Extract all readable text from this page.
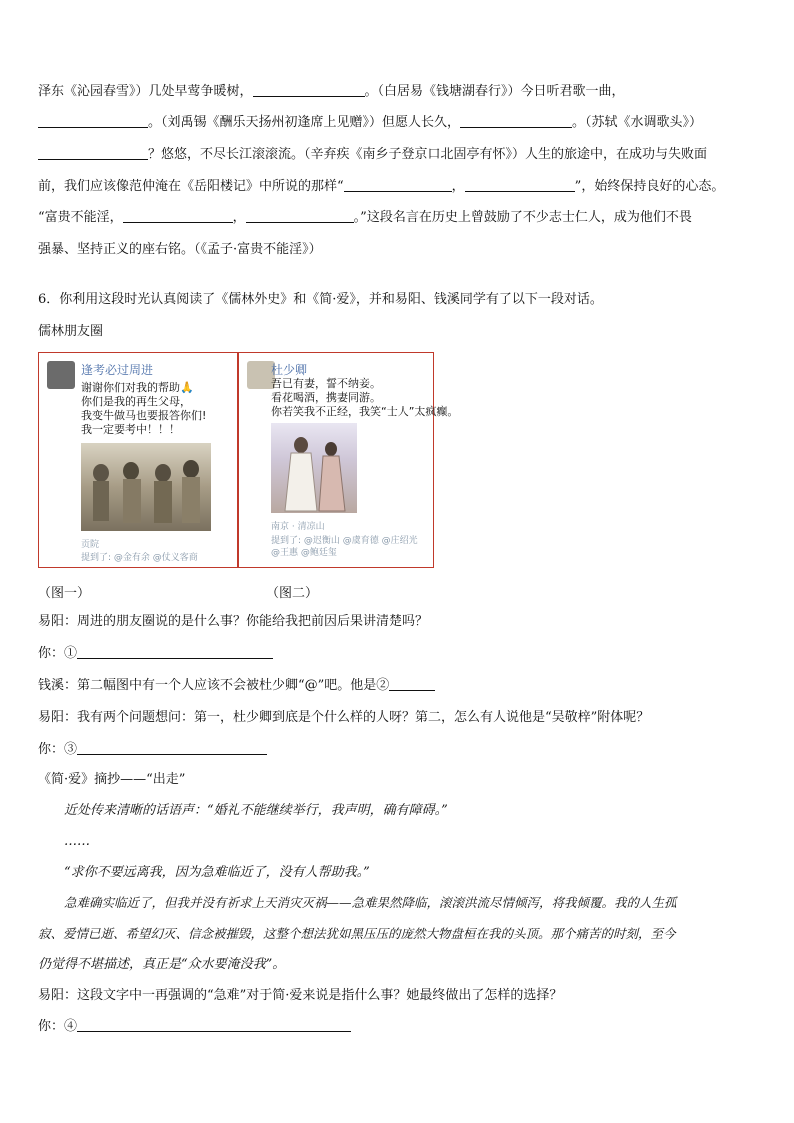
泽东《沁园春雪》）几处早莺争暖树，	。（白居易《钱塘湖春行》）今日听君歌一曲，
。（刘禹锡《酬乐天扬州初逢席上见赠》）但愿人长久，	。（苏轼《水调歌头》）
？悠悠，不尽长江滚滚流。（辛弃疾《南乡子登京口北固亭有怀》）人生的旅途中，在成功与失败面
前，我们应该像范仲淹在《岳阳楼记》中所说的那样“	，	”，始终保持良好的心态。
“富贵不能淫，	，	。”这段名言在历史上曾鼓励了不少志士仁人，成为他们不畏
强暴、坚持正义的座右铭。（《孟子·富贵不能淫》）
6．你利用这段时光认真阅读了《儒林外史》和《简·爱》，并和易阳、钱溪同学有了以下一段对话。
儒林朋友圈
逢考必过周进
谢谢你们对我的帮助🙏
你们是我的再生父母，
我变牛做马也要报答你们!
我一定要考中！！！
贡院
提到了: @金有余 @仗义客商
杜少卿
吾已有妻，誓不纳妾。
看花喝酒，携妻同游。
你若笑我不正经，我笑“士人”太疯癫。
南京 · 清凉山
提到了: @迟衡山 @虞育德 @庄绍光
@王惠 @鲍廷玺
（图一）	（图二）
易阳：周进的朋友圈说的是什么事？你能给我把前因后果讲清楚吗？
你：①
钱溪：第二幅图中有一个人应该不会被杜少卿“@”吧。他是②
易阳：我有两个问题想问：第一，杜少卿到底是个什么样的人呀？第二，怎么有人说他是“吴敬梓”附体呢？
你：③
《简·爱》摘抄——“出走”
近处传来清晰的话语声：“婚礼不能继续举行，我声明，确有障碍。”
……
“求你不要远离我，因为急难临近了，没有人帮助我。”
急难确实临近了，但我并没有祈求上天消灾灭祸——急难果然降临，滚滚洪流尽情倾泻，将我倾覆。我的人生孤
寂、爱情已逝、希望幻灭、信念被摧毁，这整个想法犹如黑压压的庞然大物盘桓在我的头顶。那个痛苦的时刻，至今
仍觉得不堪描述，真正是“众水要淹没我”。
易阳：这段文字中一再强调的“急难”对于简·爱来说是指什么事？她最终做出了怎样的选择？
你：④
